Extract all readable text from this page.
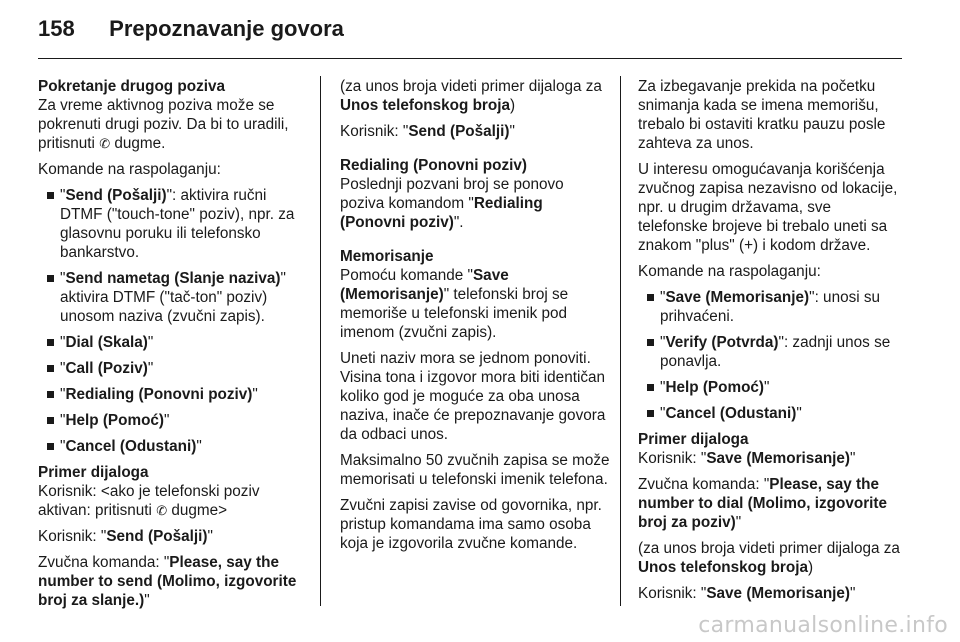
158 Prepoznavanje govora
Pokretanje drugog poziva

Za vreme aktivnog poziva može se pokrenuti drugi poziv. Da bi to uradili, pritisnuti ✆ dugme.

Komande na raspolaganju:

"Send (Pošalji)": aktivira ručni DTMF ("touch-tone" poziv), npr. za glasovnu poruku ili telefonsko bankarstvo.
"Send nametag (Slanje naziva)" aktivira DTMF ("tač-ton" poziv) unosom naziva (zvučni zapis).
"Dial (Skala)"
"Call (Poziv)"
"Redialing (Ponovni poziv)"
"Help (Pomoć)"
"Cancel (Odustani)"
Primer dijaloga

Korisnik: <ako je telefonski poziv aktivan: pritisnuti ✆ dugme>

Korisnik: "Send (Pošalji)"

Zvučna komanda: "Please, say the number to send (Molimo, izgovorite broj za slanje.)"

(za unos broja videti primer dijaloga za Unos telefonskog broja)

Korisnik: "Send (Pošalji)"

Redialing (Ponovni poziv)

Poslednji pozvani broj se ponovo poziva komandom "Redialing (Ponovni poziv)".

Memorisanje

Pomoću komande "Save (Memorisanje)" telefonski broj se memoriše u telefonski imenik pod imenom (zvučni zapis).

Uneti naziv mora se jednom ponoviti. Visina tona i izgovor mora biti identičan koliko god je moguće za oba unosa naziva, inače će prepoznavanje govora da odbaci unos.

Maksimalno 50 zvučnih zapisa se može memorisati u telefonski imenik telefona.

Zvučni zapisi zavise od govornika, npr. pristup komandama ima samo osoba koja je izgovorila zvučne komande.

Za izbegavanje prekida na početku snimanja kada se imena memorišu, trebalo bi ostaviti kratku pauzu posle zahteva za unos.

U interesu omogućavanja korišćenja zvučnog zapisa nezavisno od lokacije, npr. u drugim državama, sve telefonske brojeve bi trebalo uneti sa znakom "plus" (+) i kodom države.

Komande na raspolaganju:

"Save (Memorisanje)": unosi su prihvaćeni.
"Verify (Potvrda)": zadnji unos se ponavlja.
"Help (Pomoć)"
"Cancel (Odustani)"
Primer dijaloga

Korisnik: "Save (Memorisanje)"

Zvučna komanda: "Please, say the number to dial (Molimo, izgovorite broj za poziv)"

(za unos broja videti primer dijaloga za Unos telefonskog broja)

Korisnik: "Save (Memorisanje)"

carmanualsonline.info
